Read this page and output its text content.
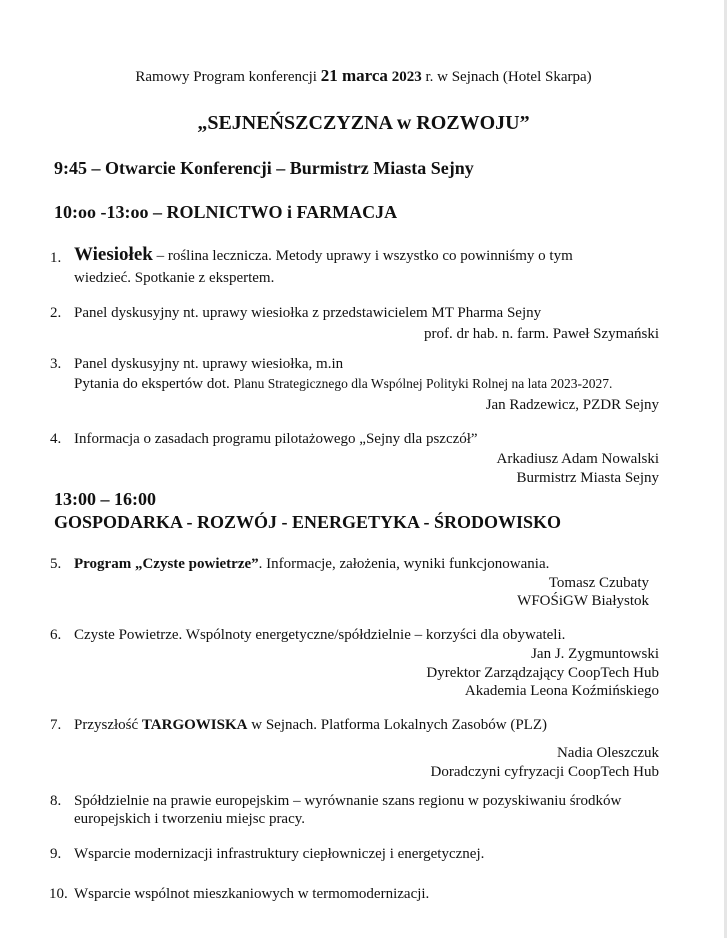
Ramowy Program konferencji 21 marca 2023 r. w Sejnach (Hotel Skarpa)
„SEJNEŃSZCZYZNA w ROZWOJU”
9:45 – Otwarcie Konferencji – Burmistrz Miasta Sejny
10:oo -13:oo – ROLNICTWO i FARMACJA
1. Wiesiołek – roślina lecznicza. Metody uprawy i wszystko co powinniśmy o tym
wiedzieć. Spotkanie z ekspertem.
2. Panel dyskusyjny nt. uprawy wiesiołka z przedstawicielem MT Pharma Sejny
prof. dr hab. n. farm. Paweł Szymański
3. Panel dyskusyjny nt. uprawy wiesiołka, m.in
Pytania do ekspertów dot. Planu Strategicznego dla Wspólnej Polityki Rolnej na lata 2023-2027.
Jan Radzewicz, PZDR Sejny
4. Informacja o zasadach programu pilotażowego „Sejny dla pszczół”
Arkadiusz Adam Nowalski
Burmistrz Miasta Sejny
13:00 – 16:00
GOSPODARKA - ROZWÓJ - ENERGETYKA - ŚRODOWISKO
5. Program „Czyste powietrze”. Informacje, założenia, wyniki funkcjonowania.
Tomasz Czubaty
WFOŚiGW Białystok
6. Czyste Powietrze. Wspólnoty energetyczne/spółdzielnie – korzyści dla obywateli.
Jan J. Zygmuntowski
Dyrektor Zarządzający CoopTech Hub
Akademia Leona Koźmińskiego
7. Przyszłość TARGOWISKA w Sejnach. Platforma Lokalnych Zasobów (PLZ)
Nadia Oleszczuk
Doradczyni cyfryzacji CoopTech Hub
8. Spółdzielnie na prawie europejskim – wyrównanie szans regionu w pozyskiwaniu środków
europejskich i tworzeniu miejsc pracy.
9. Wsparcie modernizacji infrastruktury ciepłowniczej i energetycznej.
10. Wsparcie wspólnot mieszkaniowych w termomodernizacji.
